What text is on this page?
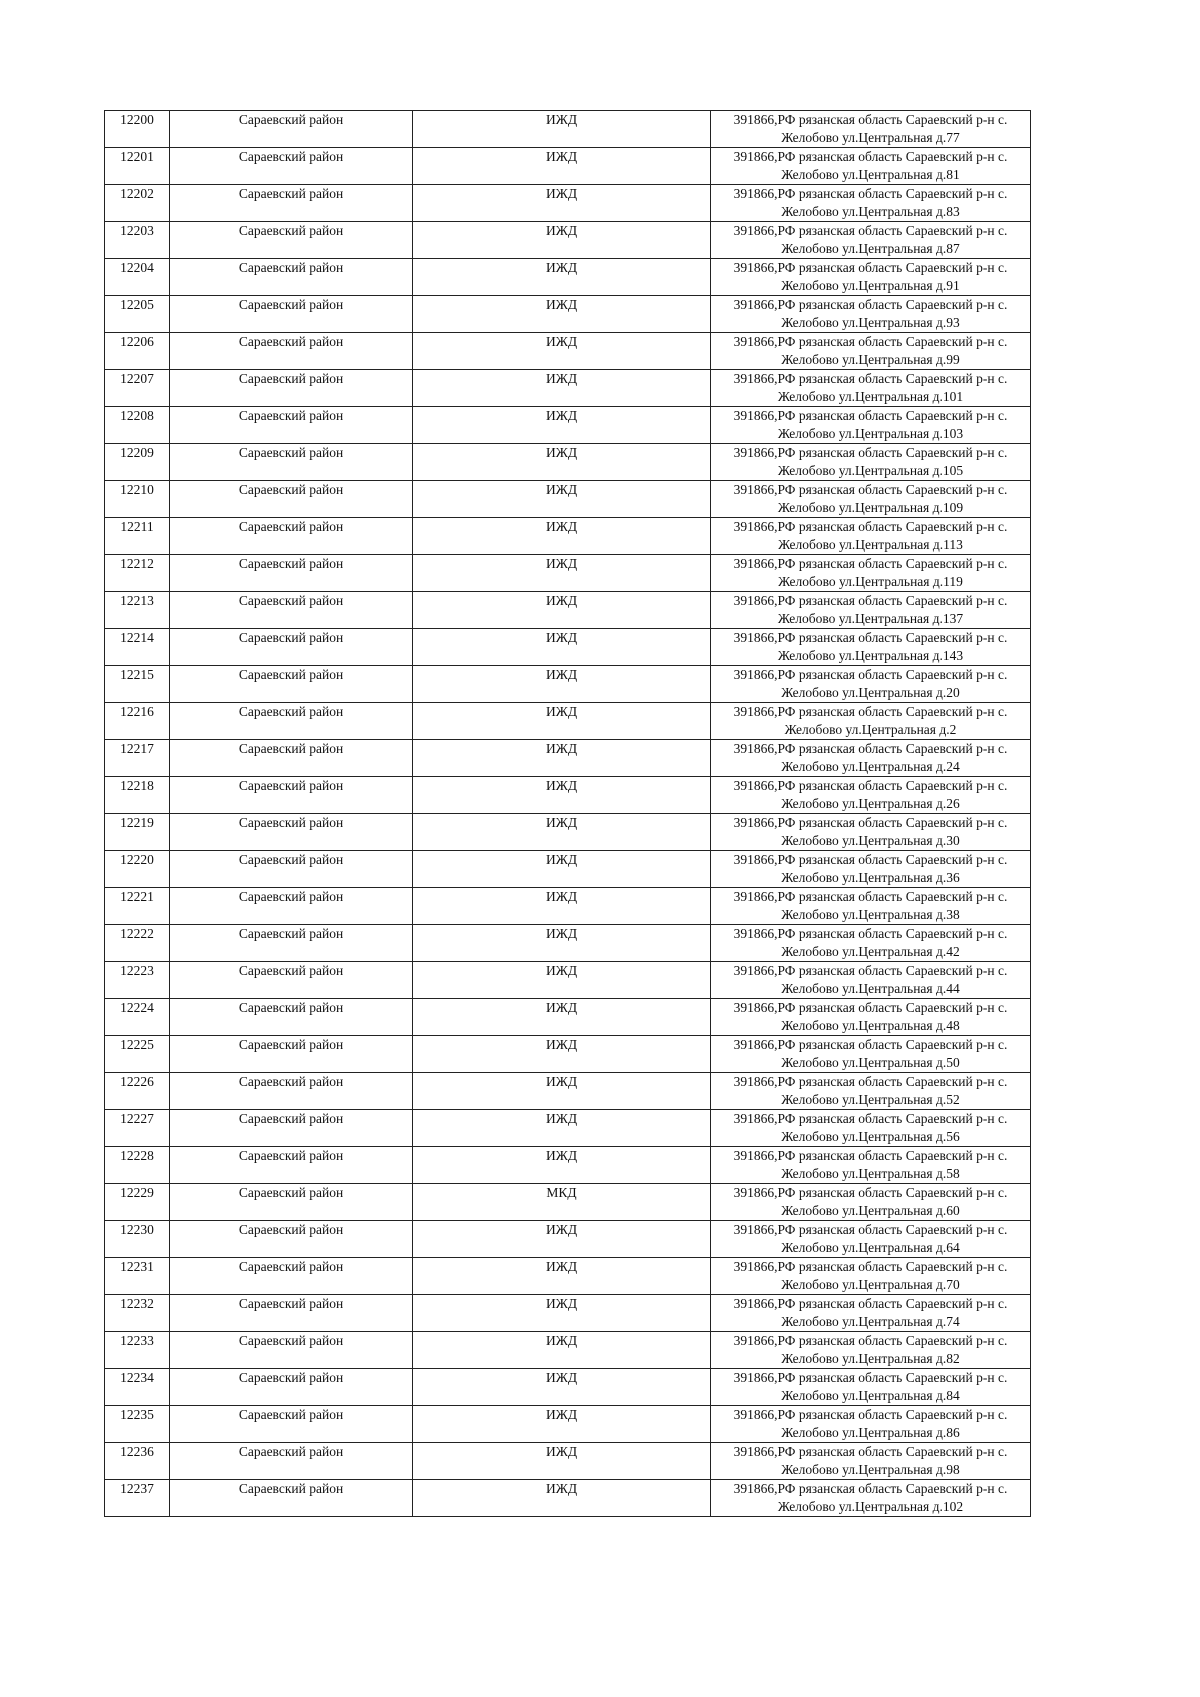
12200	Сараевский район	ИЖД	391866,РФ рязанская область Сараевский р-н с.
Желобово ул.Центральная д.77

12201	Сараевский район	ИЖД	391866,РФ рязанская область Сараевский р-н с.
Желобово ул.Центральная д.81

12202	Сараевский район	ИЖД	391866,РФ рязанская область Сараевский р-н с.
Желобово ул.Центральная д.83

12203	Сараевский район	ИЖД	391866,РФ рязанская область Сараевский р-н с.
Желобово ул.Центральная д.87

12204	Сараевский район	ИЖД	391866,РФ рязанская область Сараевский р-н с.
Желобово ул.Центральная д.91

12205	Сараевский район	ИЖД	391866,РФ рязанская область Сараевский р-н с.
Желобово ул.Центральная д.93

12206	Сараевский район	ИЖД	391866,РФ рязанская область Сараевский р-н с.
Желобово ул.Центральная д.99

12207	Сараевский район	ИЖД	391866,РФ рязанская область Сараевский р-н с.
Желобово ул.Центральная д.101

12208	Сараевский район	ИЖД	391866,РФ рязанская область Сараевский р-н с.
Желобово ул.Центральная д.103

12209	Сараевский район	ИЖД	391866,РФ рязанская область Сараевский р-н с.
Желобово ул.Центральная д.105

12210	Сараевский район	ИЖД	391866,РФ рязанская область Сараевский р-н с.
Желобово ул.Центральная д.109

12211	Сараевский район	ИЖД	391866,РФ рязанская область Сараевский р-н с.
Желобово ул.Центральная д.113

12212	Сараевский район	ИЖД	391866,РФ рязанская область Сараевский р-н с.
Желобово ул.Центральная д.119

12213	Сараевский район	ИЖД	391866,РФ рязанская область Сараевский р-н с.
Желобово ул.Центральная д.137

12214	Сараевский район	ИЖД	391866,РФ рязанская область Сараевский р-н с.
Желобово ул.Центральная д.143

12215	Сараевский район	ИЖД	391866,РФ рязанская область Сараевский р-н с.
Желобово ул.Центральная д.20

12216	Сараевский район	ИЖД	391866,РФ рязанская область Сараевский р-н с.
Желобово ул.Центральная д.2

12217	Сараевский район	ИЖД	391866,РФ рязанская область Сараевский р-н с.
Желобово ул.Центральная д.24

12218	Сараевский район	ИЖД	391866,РФ рязанская область Сараевский р-н с.
Желобово ул.Центральная д.26

12219	Сараевский район	ИЖД	391866,РФ рязанская область Сараевский р-н с.
Желобово ул.Центральная д.30

12220	Сараевский район	ИЖД	391866,РФ рязанская область Сараевский р-н с.
Желобово ул.Центральная д.36

12221	Сараевский район	ИЖД	391866,РФ рязанская область Сараевский р-н с.
Желобово ул.Центральная д.38

12222	Сараевский район	ИЖД	391866,РФ рязанская область Сараевский р-н с.
Желобово ул.Центральная д.42

12223	Сараевский район	ИЖД	391866,РФ рязанская область Сараевский р-н с.
Желобово ул.Центральная д.44

12224	Сараевский район	ИЖД	391866,РФ рязанская область Сараевский р-н с.
Желобово ул.Центральная д.48

12225	Сараевский район	ИЖД	391866,РФ рязанская область Сараевский р-н с.
Желобово ул.Центральная д.50

12226	Сараевский район	ИЖД	391866,РФ рязанская область Сараевский р-н с.
Желобово ул.Центральная д.52

12227	Сараевский район	ИЖД	391866,РФ рязанская область Сараевский р-н с.
Желобово ул.Центральная д.56

12228	Сараевский район	ИЖД	391866,РФ рязанская область Сараевский р-н с.
Желобово ул.Центральная д.58

12229	Сараевский район	МКД	391866,РФ рязанская область Сараевский р-н с.
Желобово ул.Центральная д.60

12230	Сараевский район	ИЖД	391866,РФ рязанская область Сараевский р-н с.
Желобово ул.Центральная д.64

12231	Сараевский район	ИЖД	391866,РФ рязанская область Сараевский р-н с.
Желобово ул.Центральная д.70

12232	Сараевский район	ИЖД	391866,РФ рязанская область Сараевский р-н с.
Желобово ул.Центральная д.74

12233	Сараевский район	ИЖД	391866,РФ рязанская область Сараевский р-н с.
Желобово ул.Центральная д.82

12234	Сараевский район	ИЖД	391866,РФ рязанская область Сараевский р-н с.
Желобово ул.Центральная д.84

12235	Сараевский район	ИЖД	391866,РФ рязанская область Сараевский р-н с.
Желобово ул.Центральная д.86

12236	Сараевский район	ИЖД	391866,РФ рязанская область Сараевский р-н с.
Желобово ул.Центральная д.98

12237	Сараевский район	ИЖД	391866,РФ рязанская область Сараевский р-н с.
Желобово ул.Центральная д.102
